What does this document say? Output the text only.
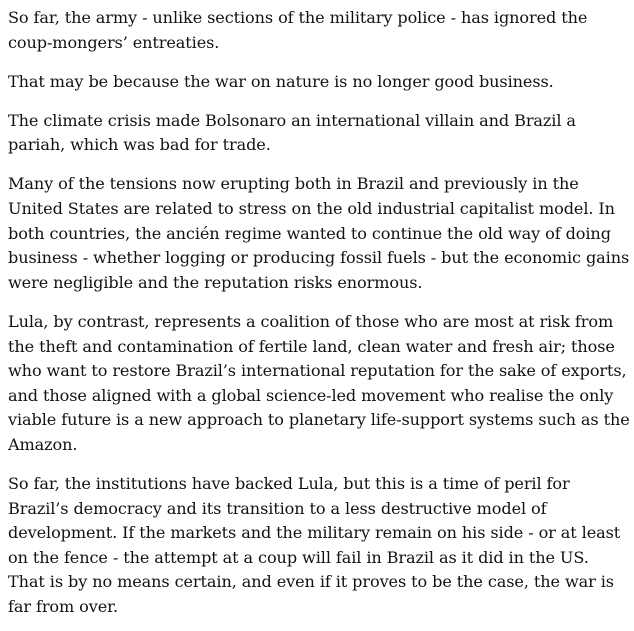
So far, the army - unlike sections of the military police - has ignored the coup-mongers’ entreaties.

That may be because the war on nature is no longer good business.

The climate crisis made Bolsonaro an international villain and Brazil a pariah, which was bad for trade.

Many of the tensions now erupting both in Brazil and previously in the United States are related to stress on the old industrial capitalist model. In both countries, the ancién regime wanted to continue the old way of doing business - whether logging or producing fossil fuels - but the economic gains were negligible and the reputation risks enormous.

Lula, by contrast, represents a coalition of those who are most at risk from the theft and contamination of fertile land, clean water and fresh air; those who want to restore Brazil’s international reputation for the sake of exports, and those aligned with a global science-led movement who realise the only viable future is a new approach to planetary life-support systems such as the Amazon.

So far, the institutions have backed Lula, but this is a time of peril for Brazil’s democracy and its transition to a less destructive model of development. If the markets and the military remain on his side - or at least on the fence - the attempt at a coup will fail in Brazil as it did in the US. That is by no means certain, and even if it proves to be the case, the war is far from over.
